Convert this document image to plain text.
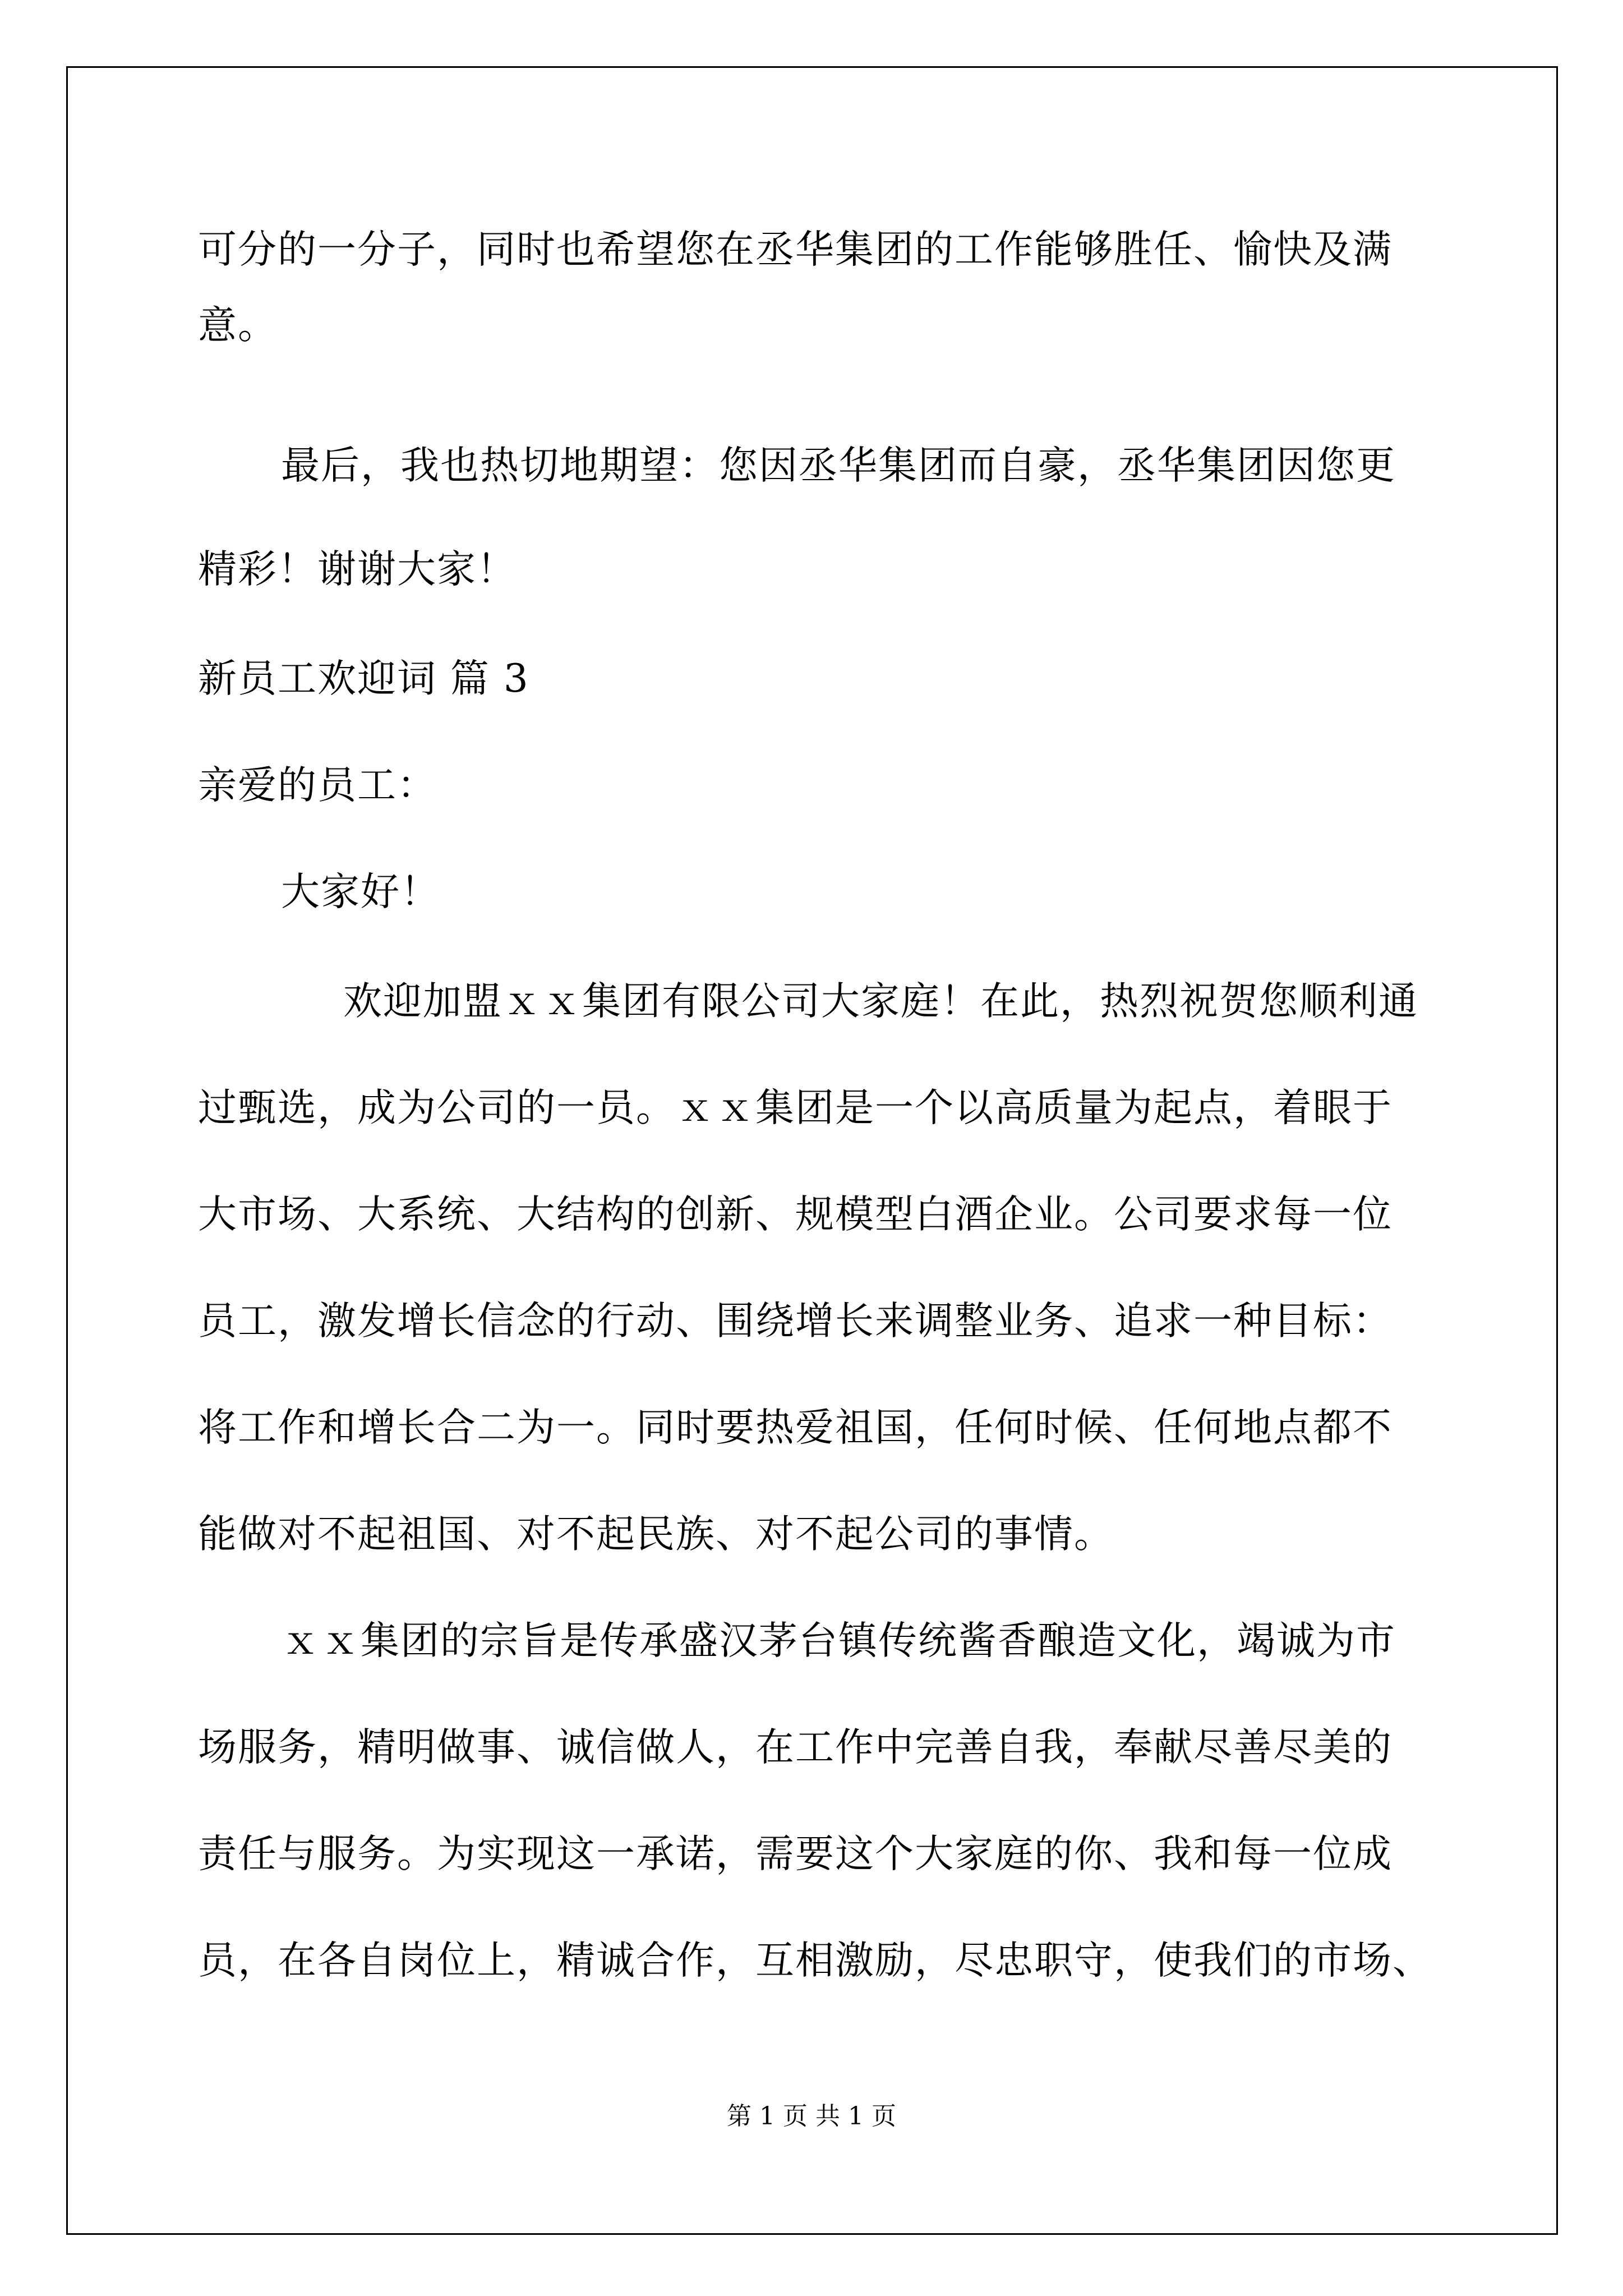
可分的一分子，同时也希望您在丞华集团的工作能够胜任、愉快及满
意。
最后，我也热切地期望：您因丞华集团而自豪，丞华集团因您更
精彩！谢谢大家！
新员工欢迎词 篇 3
亲爱的员工：
大家好！
欢迎加盟ｘｘ集团有限公司大家庭！在此，热烈祝贺您顺利通
过甄选，成为公司的一员。ｘｘ集团是一个以高质量为起点，着眼于
大市场、大系统、大结构的创新、规模型白酒企业。公司要求每一位
员工，激发增长信念的行动、围绕增长来调整业务、追求一种目标：
将工作和增长合二为一。同时要热爱祖国，任何时候、任何地点都不
能做对不起祖国、对不起民族、对不起公司的事情。
ｘｘ集团的宗旨是传承盛汉茅台镇传统酱香酿造文化，竭诚为市
场服务，精明做事、诚信做人，在工作中完善自我，奉献尽善尽美的
责任与服务。为实现这一承诺，需要这个大家庭的你、我和每一位成
员，在各自岗位上，精诚合作，互相激励，尽忠职守，使我们的市场、
第 1 页 共 1 页
